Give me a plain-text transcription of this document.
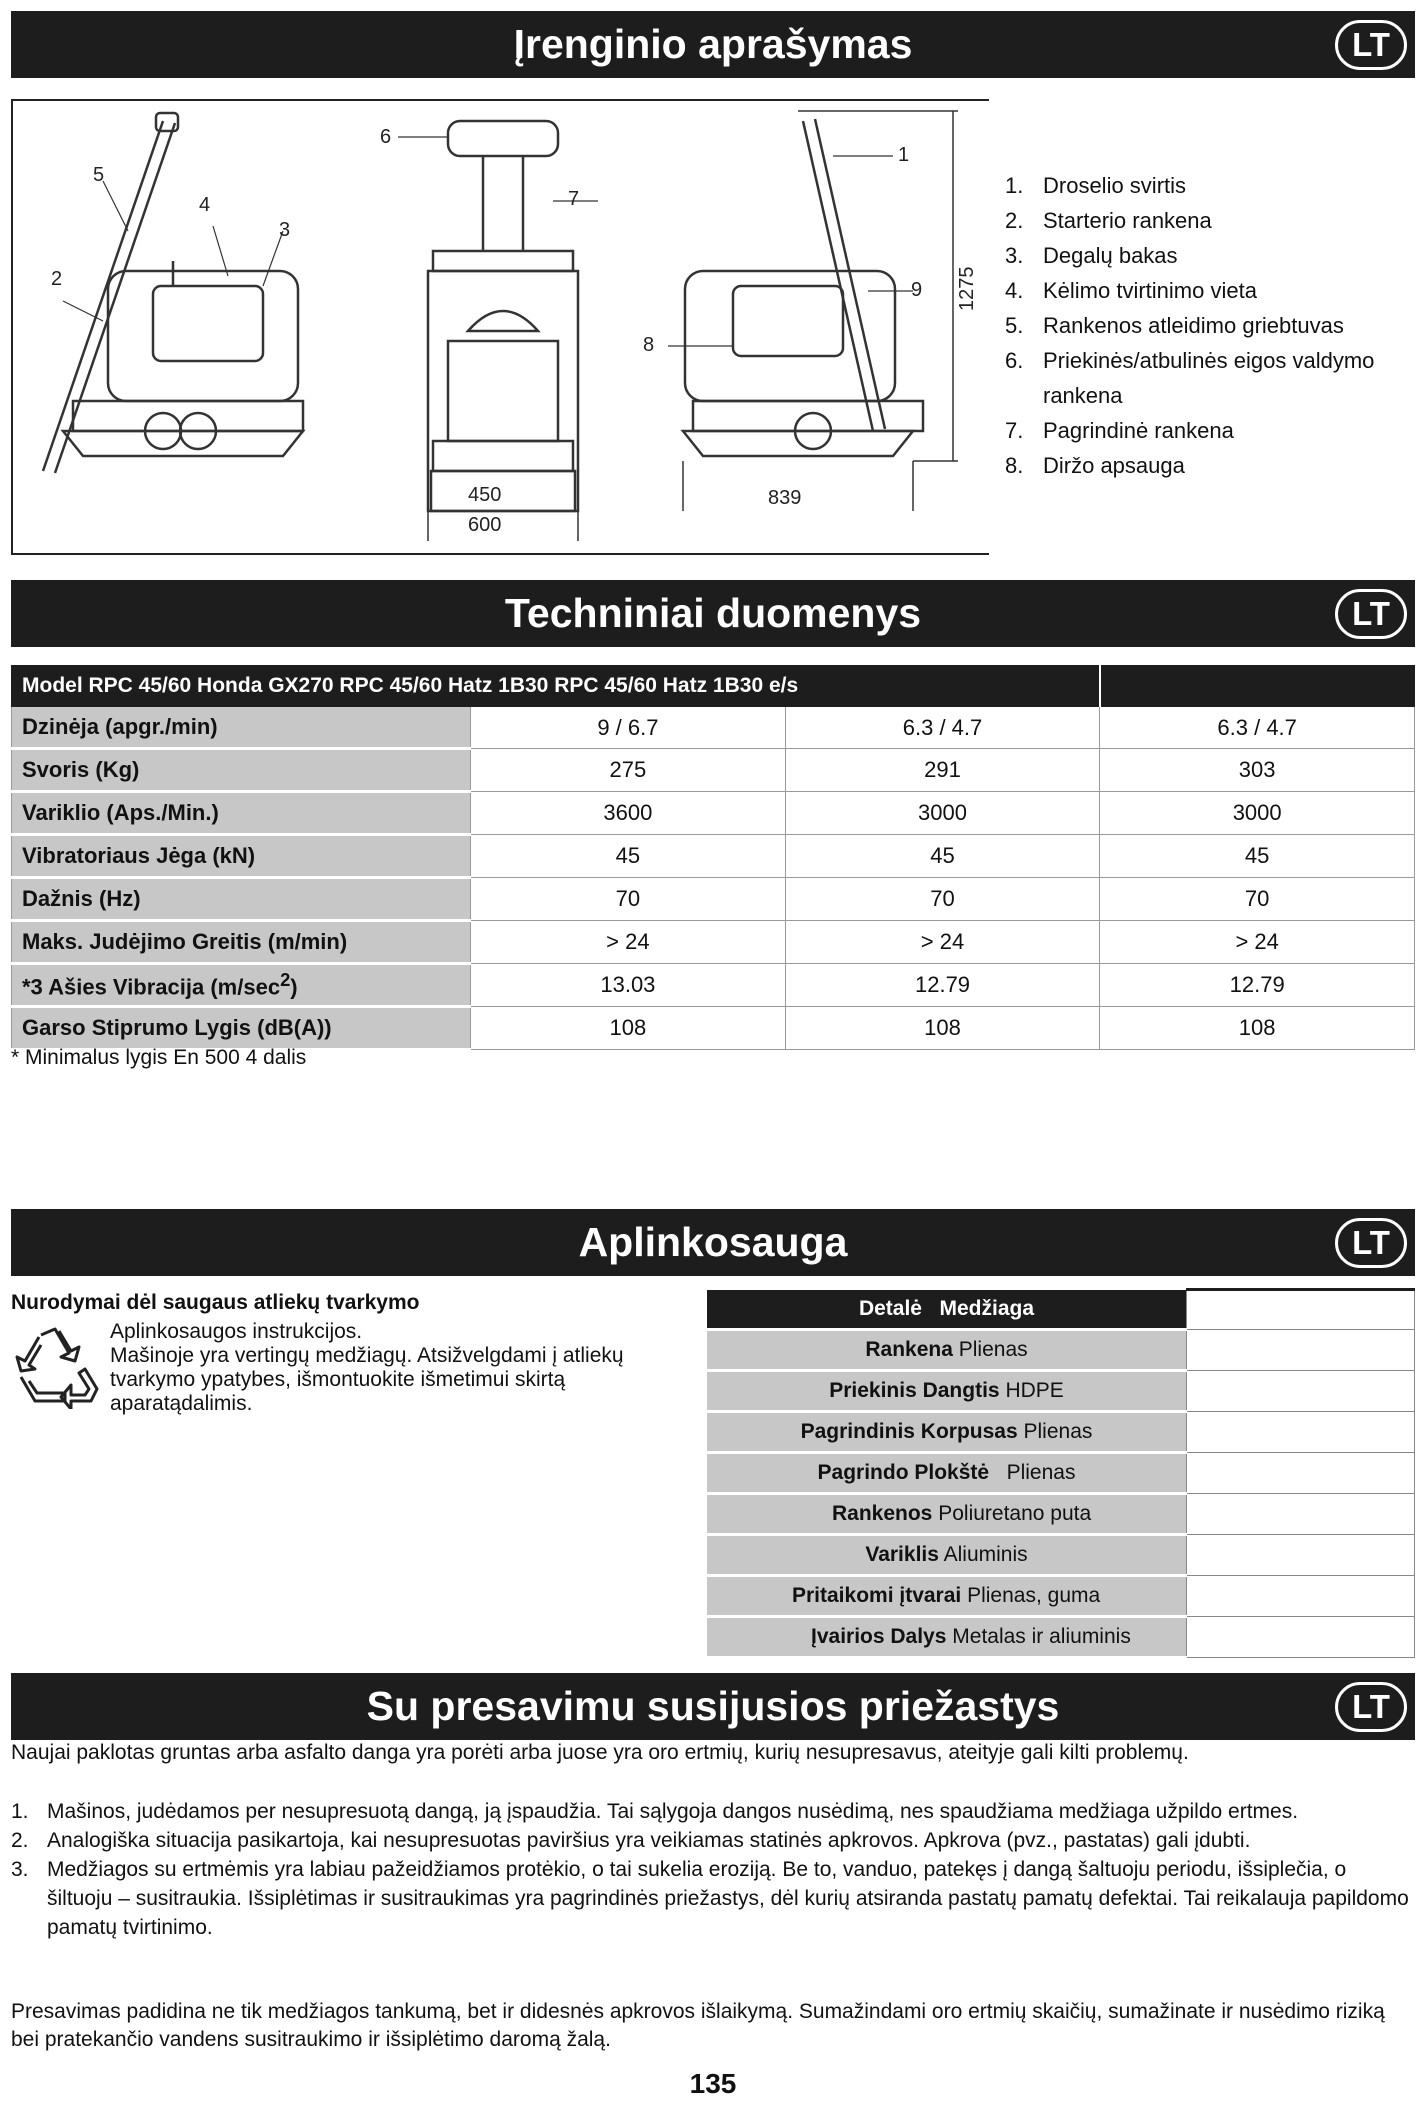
Įrenginio aprašymas	LT
5
4
3
2
6
7
8
1
9 1275
450
600
839
1. Droselio svirtis
2. Starterio rankena
3. Degalų bakas
4. Kėlimo tvirtinimo vieta
5. Rankenos atleidimo griebtuvas
6. Priekinės/atbulinės eigos valdymo
rankena
7. Pagrindinė rankena
8. Diržo apsauga
Techniniai duomenys	LT
Model RPC 45/60 Honda GX270 RPC 45/60 Hatz 1B30 RPC 45/60 Hatz 1B30 e/s			
Dzinėja (apgr./min)	9 / 6.7	6.3 / 4.7	6.3 / 4.7
Svoris (Kg)	275	291	303
Variklio (Aps./Min.)	3600	3000	3000
Vibratoriaus Jėga (kN)	45	45	45
Dažnis (Hz)	70	70	70
Maks. Judėjimo Greitis (m/min)	> 24	> 24	> 24
*3 Ašies Vibracija $(m/\sec^2)$	13.03	12.79	12.79
Garso Stiprumo Lygis (dB(A))	108	108	108
* Minimalus lygis En 500 4 dalis
Aplinkosauga	LT
Nurodymai dėl saugaus atliekų tvarkymo
Aplinkosaugos instrukcijos.
Mašinoje yra vertingų medžiagų. Atsižvelgdami į atliekų tvarkymo ypatybes, išmontuokite išmetimui skirtą aparatądalimis.
Detalė Medžiaga	
Rankena Plienas	
Priekinis Dangtis HDPE	
Pagrindinis Korpusas Plienas	
Pagrindo Plokštė Plienas	
Rankenos Poliuretano puta	
Variklis Aliuminis	
Pritaikomi įtvarai Plienas, guma	
Įvairios Dalys Metalas ir aliuminis	
Su presavimu susijusios priežastys	LT
Naujai paklotas gruntas arba asfalto danga yra porėti arba juose yra oro ertmių, kurių nesupresavus, ateityje gali kilti problemų.
1. Mašinos, judėdamos per nesupresuotą dangą, ją įspaudžia. Tai sąlygoja dangos nusėdimą, nes spaudžiama medžiaga užpildo ertmes.
2. Analogiška situacija pasikartoja, kai nesupresuotas paviršius yra veikiamas statinės apkrovos. Apkrova (pvz., pastatas) gali įdubti.
3. Medžiagos su ertmėmis yra labiau pažeidžiamos protėkio, o tai sukelia eroziją. Be to, vanduo, patekęs į dangą šaltuoju periodu, išsiplečia, o šiltuoju – susitraukia. Išsiplėtimas ir susitraukimas yra pagrindinės priežastys, dėl kurių atsiranda pastatų pamatų defektai. Tai reikalauja papildomo pamatų tvirtinimo.
Presavimas padidina ne tik medžiagos tankumą, bet ir didesnės apkrovos išlaikymą. Sumažindami oro ertmių skaičių, sumažinate ir nusėdimo riziką bei pratekančio vandens susitraukimo ir išsiplėtimo daromą žalą.
135
